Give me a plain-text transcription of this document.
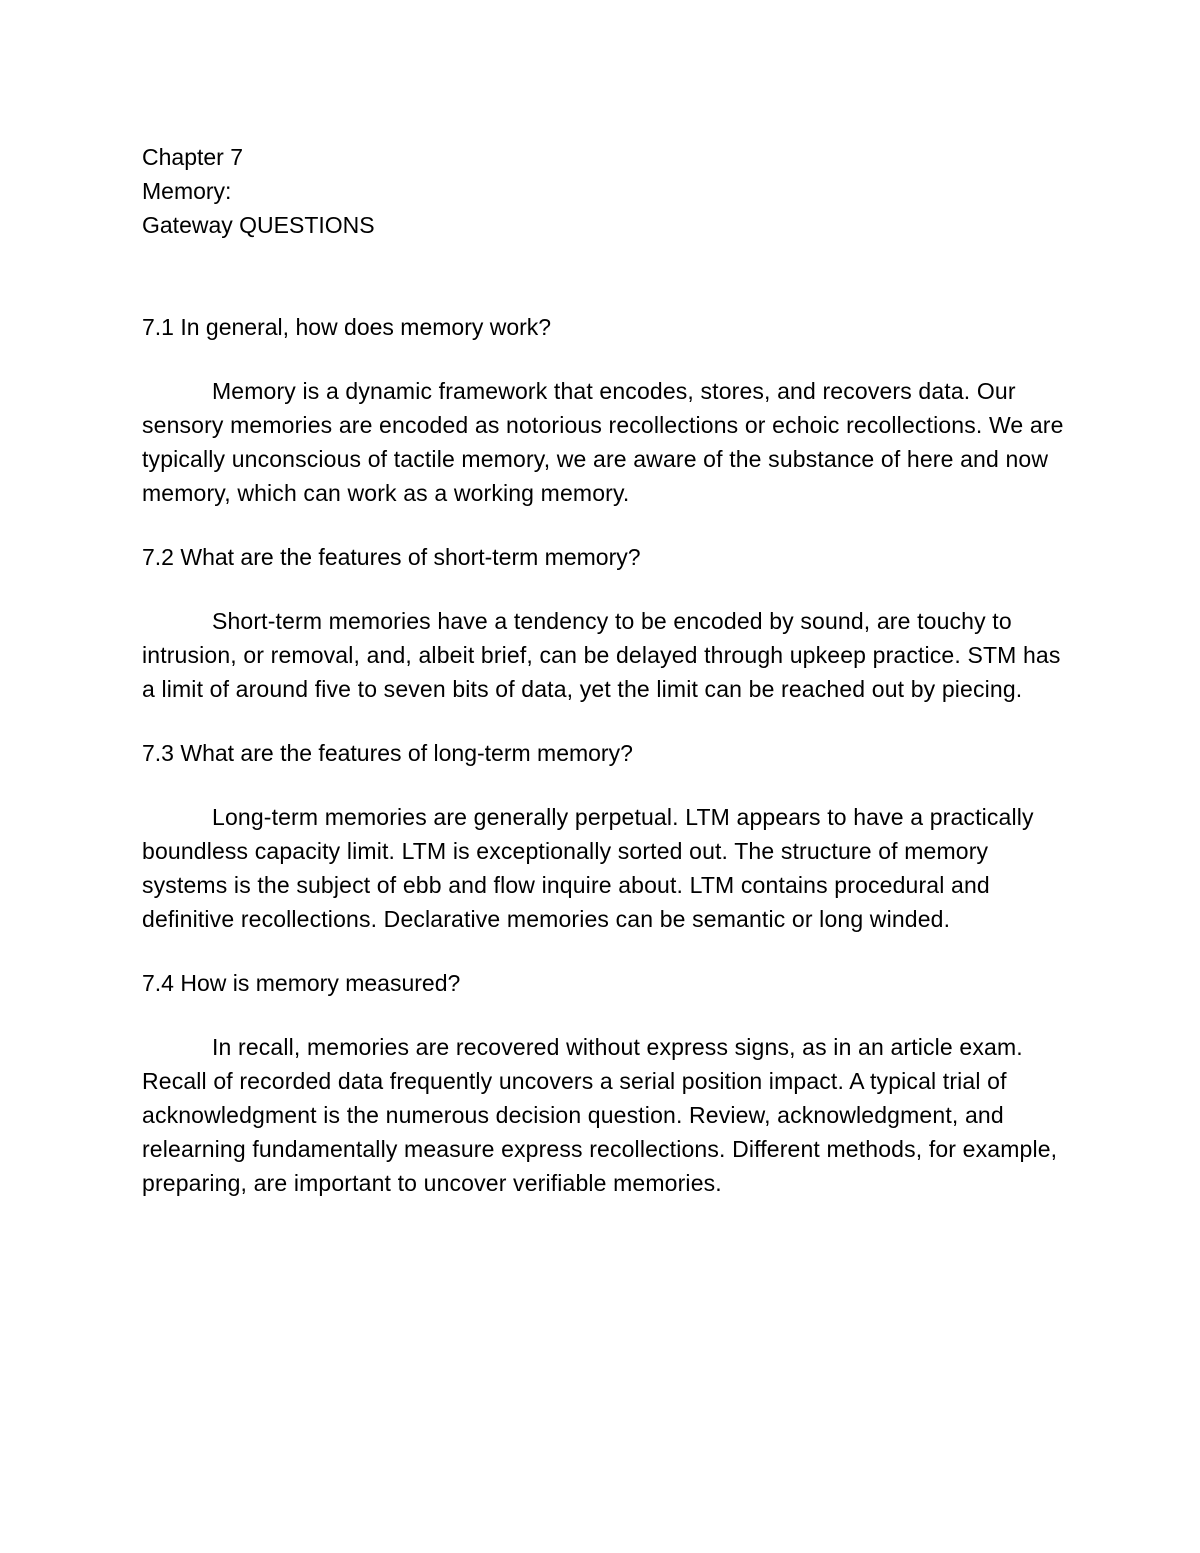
Chapter 7
Memory:
Gateway QUESTIONS
7.1 In general, how does memory work?
Memory is a dynamic framework that encodes, stores, and recovers data. Our sensory memories are encoded as notorious recollections or echoic recollections. We are typically unconscious of tactile memory, we are aware of the substance of here and now memory, which can work as a working memory.
7.2 What are the features of short-term memory?
Short-term memories have a tendency to be encoded by sound, are touchy to intrusion, or removal, and, albeit brief, can be delayed through upkeep practice. STM has a limit of around five to seven bits of data, yet the limit can be reached out by piecing.
7.3 What are the features of long-term memory?
Long-term memories are generally perpetual. LTM appears to have a practically boundless capacity limit. LTM is exceptionally sorted out. The structure of memory systems is the subject of ebb and flow inquire about. LTM contains procedural and definitive recollections. Declarative memories can be semantic or long winded.
7.4 How is memory measured?
In recall, memories are recovered without express signs, as in an article exam. Recall of recorded data frequently uncovers a serial position impact. A typical trial of acknowledgment is the numerous decision question. Review, acknowledgment, and relearning fundamentally measure express recollections. Different methods, for example, preparing, are important to uncover verifiable memories.
